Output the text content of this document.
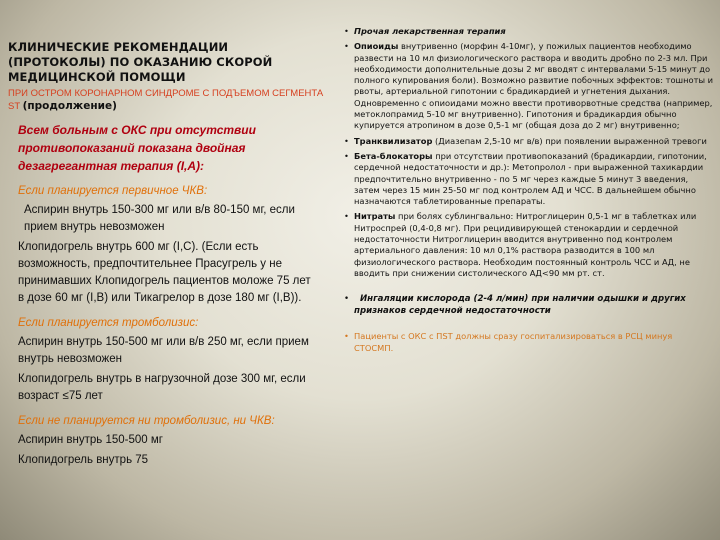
КЛИНИЧЕСКИЕ РЕКОМЕНДАЦИИ (ПРОТОКОЛЫ) ПО ОКАЗАНИЮ СКОРОЙ МЕДИЦИНСКОЙ ПОМОЩИ

ПРИ ОСТРОМ КОРОНАРНОМ СИНДРОМЕ С ПОДЪЕМОМ СЕГМЕНТА ST (продолжение)

Всем больным с ОКС при отсутствии противопоказаний показана двойная дезагрегантная терапия (I,A):

Если планируется первичное ЧКВ:

Аспирин внутрь 150-300 мг или в/в 80-150 мг, если прием внутрь невозможен

Клопидогрель внутрь 600 мг (I,C). (Если есть возможность, предпочтительнее Прасугрель у не принимавших Клопидогрель пациентов моложе 75 лет в дозе 60 мг (I,B) или Тикагрелор в дозе 180 мг (I,B)).

Если планируется тромболизис:

Аспирин внутрь 150-500 мг или в/в 250 мг, если прием внутрь невозможен

Клопидогрель внутрь в нагрузочной дозе 300 мг, если возраст ≤75 лет

Если не планируется ни тромболизис, ни ЧКВ:

Аспирин внутрь 150-500 мг

Клопидогрель внутрь 75

• Прочая лекарственная терапия
• Опиоиды внутривенно (морфин 4-10мг), у пожилых пациентов необходимо развести на 10 мл физиологического раствора и вводить дробно по 2-3 мл. При необходимости дополнительные дозы 2 мг вводят с интервалами 5-15 минут до полного купирования боли). Возможно развитие побочных эффектов: тошноты и рвоты, артериальной гипотонии с брадикардией и угнетения дыхания. Одновременно с опиоидами можно ввести противорвотные средства (например, метоклопрамид 5-10 мг внутривенно). Гипотония и брадикардия обычно купируется атропином в дозе 0,5-1 мг (общая доза до 2 мг) внутривенно;
• Транквилизатор (Диазепам 2,5-10 мг в/в) при появлении выраженной тревоги
• Бета-блокаторы при отсутствии противопоказаний (брадикардии, гипотонии, сердечной недостаточности и др.): Метопролол - при выраженной тахикардии предпочтительно внутривенно - по 5 мг через каждые 5 минут 3 введения, затем через 15 мин 25-50 мг под контролем АД и ЧСС. В дальнейшем обычно назначаются таблетированные препараты.
• Нитраты при болях сублингвально: Нитроглицерин 0,5-1 мг в таблетках или Нитроспрей (0,4-0,8 мг). При рецидивирующей стенокардии и сердечной недостаточности Нитроглицерин вводится внутривенно под контролем артериального давления: 10 мл 0,1% раствора разводится в 100 мл физиологического раствора. Необходим постоянный контроль ЧСС и АД, не вводить при снижении систолического АД<90 мм рт. ст.
• Ингаляции кислорода (2-4 л/мин) при наличии одышки и других признаков сердечной недостаточности
• Пациенты с ОКС с ПST должны сразу госпитализироваться в РСЦ минуя СТОСМП.
